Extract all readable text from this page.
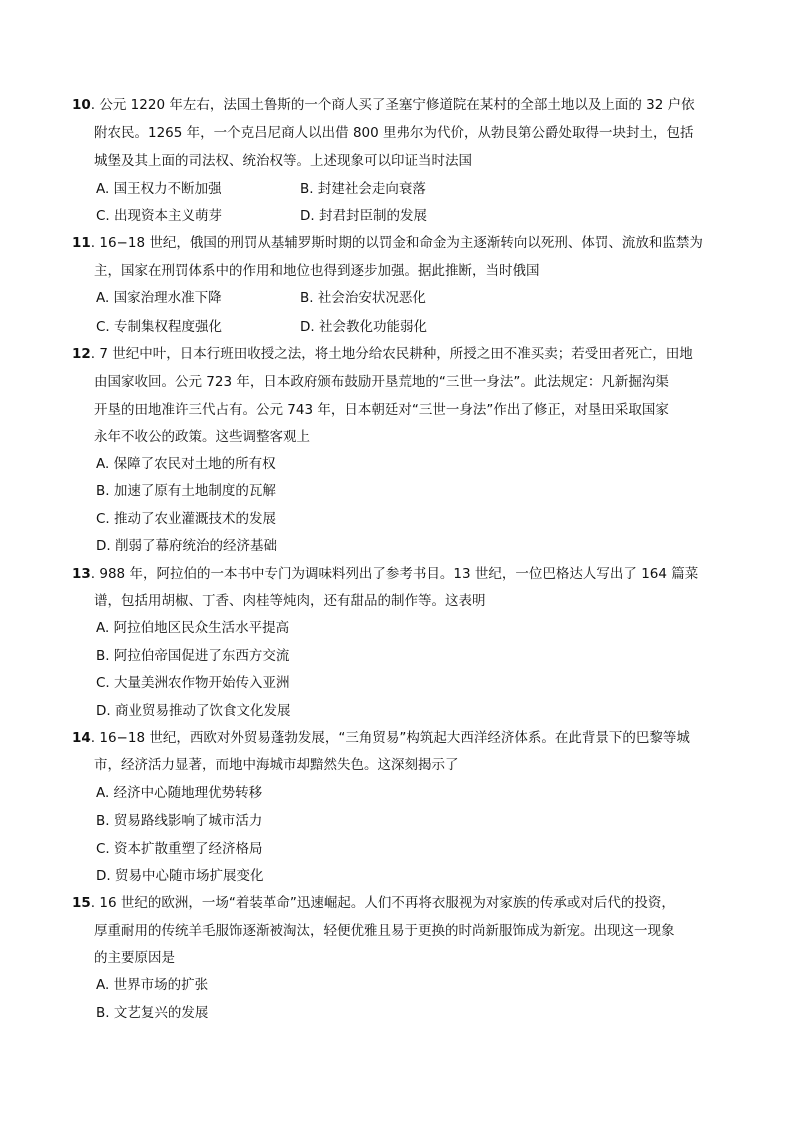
10. 公元 1220 年左右，法国土鲁斯的一个商人买了圣塞宁修道院在某村的全部土地以及上面的 32 户依
附农民。1265 年，一个克吕尼商人以出借 800 里弗尔为代价，从勃艮第公爵处取得一块封土，包括
城堡及其上面的司法权、统治权等。上述现象可以印证当时法国
A. 国王权力不断加强	B. 封建社会走向衰落
C. 出现资本主义萌芽	D. 封君封臣制的发展
11. 16−18 世纪，俄国的刑罚从基辅罗斯时期的以罚金和命金为主逐渐转向以死刑、体罚、流放和监禁为
主，国家在刑罚体系中的作用和地位也得到逐步加强。据此推断，当时俄国
A. 国家治理水准下降	B. 社会治安状况恶化
C. 专制集权程度强化	D. 社会教化功能弱化
12. 7 世纪中叶，日本行班田收授之法，将土地分给农民耕种，所授之田不准买卖；若受田者死亡，田地
由国家收回。公元 723 年，日本政府颁布鼓励开垦荒地的“三世一身法”。此法规定：凡新掘沟渠
开垦的田地准许三代占有。公元 743 年，日本朝廷对“三世一身法”作出了修正，对垦田采取国家
永年不收公的政策。这些调整客观上
A. 保障了农民对土地的所有权
B. 加速了原有土地制度的瓦解
C. 推动了农业灌溉技术的发展
D. 削弱了幕府统治的经济基础
13. 988 年，阿拉伯的一本书中专门为调味料列出了参考书目。13 世纪，一位巴格达人写出了 164 篇菜
谱，包括用胡椒、丁香、肉桂等炖肉，还有甜品的制作等。这表明
A. 阿拉伯地区民众生活水平提高
B. 阿拉伯帝国促进了东西方交流
C. 大量美洲农作物开始传入亚洲
D. 商业贸易推动了饮食文化发展
14. 16−18 世纪，西欧对外贸易蓬勃发展，“三角贸易”构筑起大西洋经济体系。在此背景下的巴黎等城
市，经济活力显著，而地中海城市却黯然失色。这深刻揭示了
A. 经济中心随地理优势转移
B. 贸易路线影响了城市活力
C. 资本扩散重塑了经济格局
D. 贸易中心随市场扩展变化
15. 16 世纪的欧洲，一场“着装革命”迅速崛起。人们不再将衣服视为对家族的传承或对后代的投资，
厚重耐用的传统羊毛服饰逐渐被淘汰，轻便优雅且易于更换的时尚新服饰成为新宠。出现这一现象
的主要原因是
A. 世界市场的扩张
B. 文艺复兴的发展
